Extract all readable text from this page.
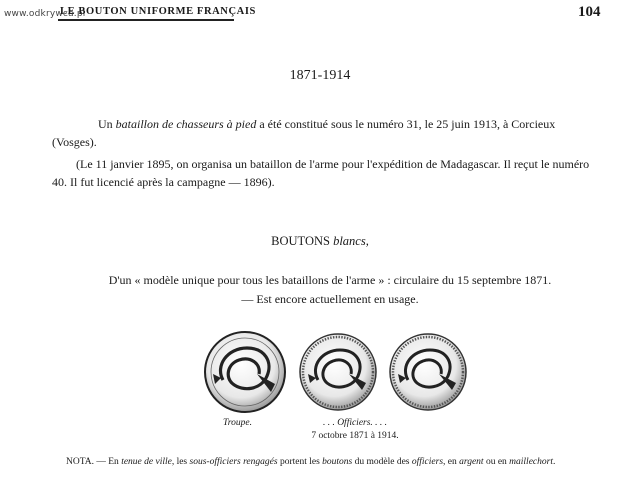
www.odkrywca.pl
LE BOUTON UNIFORME FRANÇAIS	104
1871-1914
Un bataillon de chasseurs à pied a été constitué sous le numéro 31, le 25 juin 1913, à Corcieux (Vosges).
(Le 11 janvier 1895, on organisa un bataillon de l'arme pour l'expédition de Madagascar. Il reçut le numéro 40. Il fut licencié après la campagne — 1896).
BOUTONS blancs,
D'un « modèle unique pour tous les bataillons de l'arme » : circulaire du 15 septembre 1871.
— Est encore actuellement en usage.
Troupe.	. . . Officiers. . . .
7 octobre 1871 à 1914.
NOTA. — En tenue de ville, les sous-officiers rengagés portent les boutons du modèle des officiers, en argent ou en maillechort.
